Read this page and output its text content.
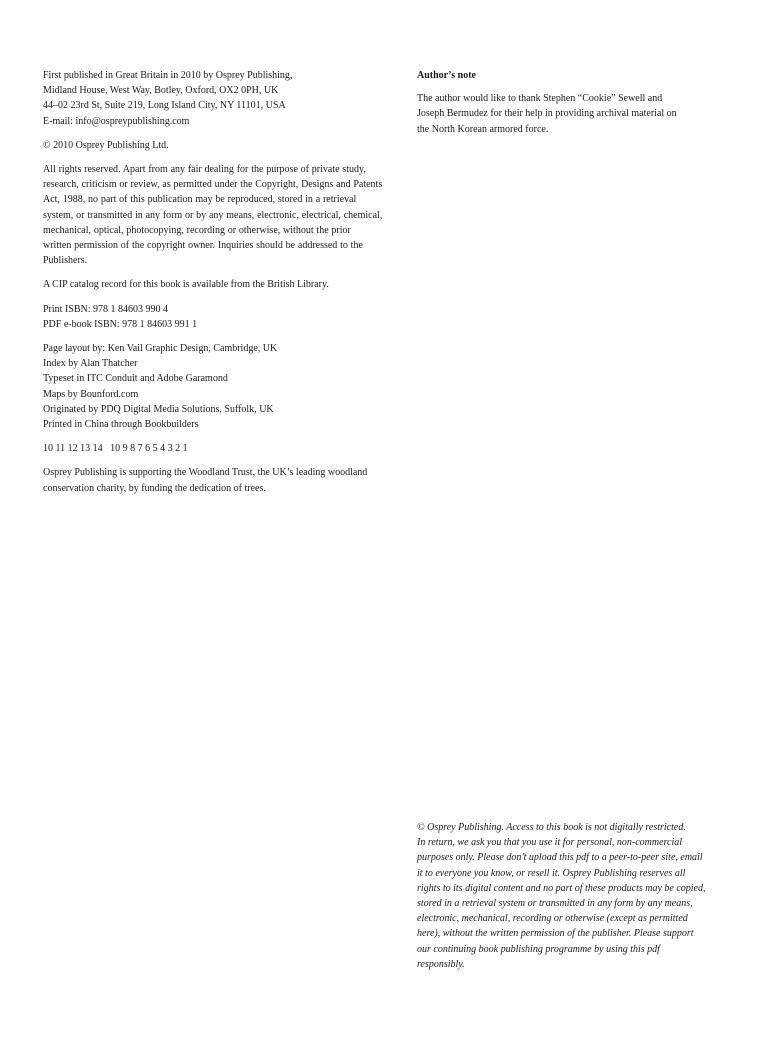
First published in Great Britain in 2010 by Osprey Publishing,
Midland House, West Way, Botley, Oxford, OX2 0PH, UK
44–02 23rd St, Suite 219, Long Island City, NY 11101, USA
E-mail: info@ospreypublishing.com

© 2010 Osprey Publishing Ltd.

All rights reserved. Apart from any fair dealing for the purpose of private study,
research, criticism or review, as permitted under the Copyright, Designs and Patents
Act, 1988, no part of this publication may be reproduced, stored in a retrieval
system, or transmitted in any form or by any means, electronic, electrical, chemical,
mechanical, optical, photocopying, recording or otherwise, without the prior
written permission of the copyright owner. Inquiries should be addressed to the
Publishers.

A CIP catalog record for this book is available from the British Library.

Print ISBN: 978 1 84603 990 4
PDF e-book ISBN: 978 1 84603 991 1
Page layout by: Ken Vail Graphic Design, Cambridge, UK
Index by Alan Thatcher
Typeset in ITC Conduit and Adobe Garamond
Maps by Bounford.com
Originated by PDQ Digital Media Solutions, Suffolk, UK
Printed in China through Bookbuilders

10 11 12 13 14   10 9 8 7 6 5 4 3 2 1

Osprey Publishing is supporting the Woodland Trust, the UK’s leading woodland
conservation charity, by funding the dedication of trees.

Author’s note

The author would like to thank Stephen “Cookie” Sewell and
Joseph Bermudez for their help in providing archival material on
the North Korean armored force.
© Osprey Publishing. Access to this book is not digitally restricted.
In return, we ask you that you use it for personal, non-commercial
purposes only. Please don’t upload this pdf to a peer-to-peer site, email
it to everyone you know, or resell it. Osprey Publishing reserves all
rights to its digital content and no part of these products may be copied,
stored in a retrieval system or transmitted in any form by any means,
electronic, mechanical, recording or otherwise (except as permitted
here), without the written permission of the publisher. Please support
our continuing book publishing programme by using this pdf
responsibly.
